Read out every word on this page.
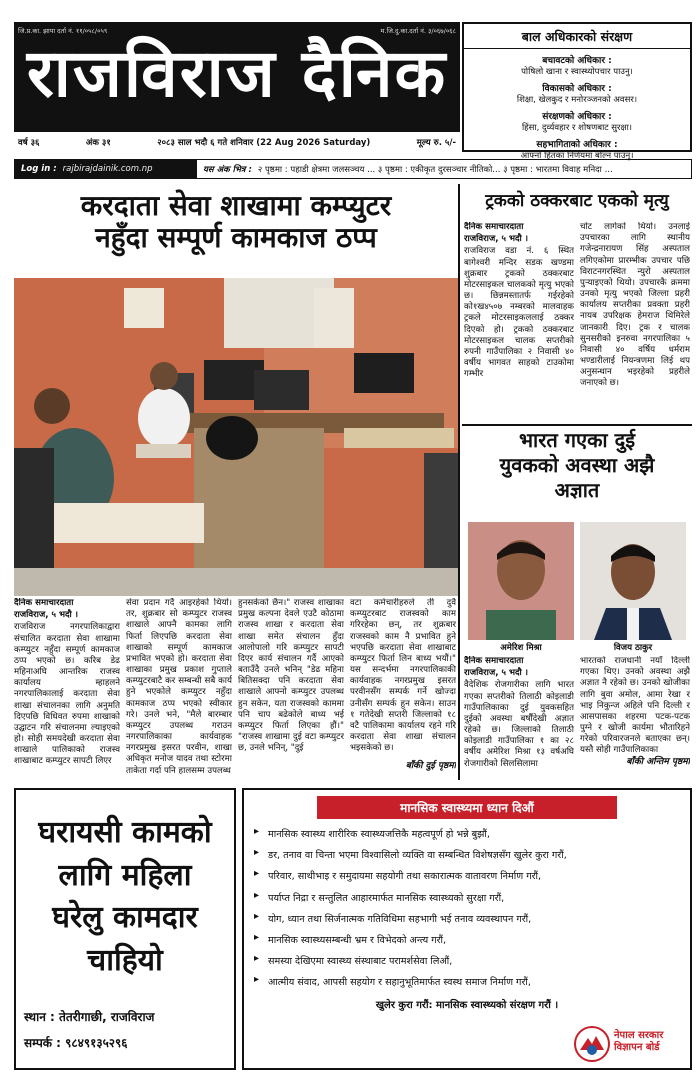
जि.प्र.का. झापा दर्ता नं. ११/०५८/०५९	म.जि.दु.का.दर्ता नं. ३/०६७/०६८
राजविराज दैनिक
वर्ष ३६	अंक ३१	२०८३ साल भदौ ६ गते शनिवार (22 Aug 2026 Saturday)	मूल्य रु. ५/-
बाल अधिकारको संरक्षण
बचावटको अधिकार :
पोषिलो खाना र स्वास्थ्योपचार पाउनु।
विकासको अधिकार :
शिक्षा, खेलकुद र मनोरञ्जनको अवसर।
संरक्षणको अधिकार :
हिंसा, दुर्व्यवहार र शोषणबाट सुरक्षा।
सहभागिताको अधिकार :
आफ्नो हितका निर्णयमा बोल्न पाउनु।
Log in : rajbirajdainik.com.np	यस अंक भित्र : २ पृष्ठमा : पहाडी क्षेत्रमा जलसञ्चय ... ३ पृष्ठमा : एकीकृत दुरसञ्चार नीतिको... ३ पृष्ठमा : भारतमा विवाह मनिदा ...
करदाता सेवा शाखामा कम्प्युटर
नहुँदा सम्पूर्ण कामकाज ठप्प

दैनिक समाचारदाता

राजविराज, ५ भदौ ।

राजविराज नगरपालिकाद्वारा संचालित करदाता सेवा शाखामा कम्प्युटर नहुँदा सम्पूर्ण कामकाज ठप्प भएको छ। करिब डेढ महिनाअघि आन्तरिक राजस्व कार्यालय म्हाहलने नगरपालिकालाई करदाता सेवा शाखा संचालनका लागि अनुमति दिएपछि विधिवत रुपमा शाखाको उद्घाटन गरि संचालनमा ल्याइएको हो। सोही समयदेखी करदाता सेवा शाखाले पालिकाको राजस्व शाखाबाट कम्प्युटर सापटी लिएर

सेवा प्रदान गर्दै आइरहेको थियो। तर, शुक्रबार सो कम्प्युटर राजस्व शाखाले आफ्नै कामका लागि फिर्ता लिएपछि करदाता सेवा शाखाको सम्पूर्ण कामकाज प्रभावित भएको हो। करदाता सेवा शाखाका प्रमुख प्रकाश गुप्ताले कम्प्युटरबाटै कर सम्बन्धी सबै कार्य हुने भएकोले कम्प्युटर नहुँदा कामकाज ठप्प भएको स्वीकार गरे। उनले भने, "मैले बारम्बार कम्प्युटर उपलब्ध गराउन नगरपालिकाका कार्यवाहक नगरप्रमुख इसरत परवीन, शाखा अधिकृत मनोज यादव तथा स्टोरमा ताकेता गर्दा पनि हालसम्म उपलब्ध

हुनसकेको छैन।" राजस्व शाखाका प्रमुख कल्पना देवले एउटै कोठामा राजस्व शाखा र करदाता सेवा शाखा समेत संचालन हुँदा आलोपालो गरि कम्प्युटर सापटी दिएर कार्य संचालन गर्दै आएको बताउँदै उनले भनिन् "डेढ महिना बितिसक्दा पनि करदाता सेवा शाखाले आफ्नो कम्प्युटर उपलब्ध हुन सकेन, यता राजस्वको काममा पनि चाप बढेकोले बाध्य भई कम्प्युटर फिर्ता लिएका हौं।" "राजस्व शाखामा दुई वटा कम्प्युटर छ, उनले भनिन्, "दुई

वटा कर्मचारीहरुले ती दुवै कम्प्युटरबाट राजस्वको काम गरिरहेका छन्, तर शुक्रबार राजस्वको काम नै प्रभावित हुने भएपछि करदाता सेवा शाखाबाट कम्प्युटर फिर्ता लिन बाध्य भयौं।" यस सन्दर्भमा नगरपालिकाकी कार्यवाहक नगरप्रमुख इसरत परवीनसँग सम्पर्क गर्ने खोज्दा उनीसँग सम्पर्क हुन सकेन। साउन १ गतेदेखी सप्तरी जिल्लाको १८ वटै पालिकामा कार्यालय रहने गरि करदाता सेवा शाखा संचालन भइसकेको छ।

बाँकी दुई पृष्ठमा

ट्रकको ठक्करबाट एकको मृत्यु

दैनिक समाचारदाता

राजविराज, ५ भदौ ।

राजविराज वडा नं. ६ स्थित बागेश्वरी मन्दिर सडक खण्डमा शुक्रबार ट्रकको ठक्करबाट मोटरसाइकल चालकको मृत्यु भएको छ। छिन्नमस्तातर्फ गईरहेको को१ख४५०७ नम्बरको मालवाहक ट्रकले मोटरसाइकललाई ठक्कर दिएको हो। ट्रकको ठक्करबाट मोटरसाइकल चालक सप्तरीको रुपनी गाउँपालिका २ निवासी ४० वर्षीय भागवत साहको टाउकोमा गम्भीर

चोट लागेको थियो। उनलाई उपचारका लागि स्थानीय गजेन्द्रनारायण सिंह अस्पताल लगिएकोमा प्रारम्भीक उपचार पछि विराटनगरस्थित न्युरो अस्पताल पुऱ्याइएको थियो। उपचारकै क्रममा उनको मृत्यु भएको जिल्ला प्रहरी कार्यालय सप्तरीका प्रवक्ता प्रहरी नायब उपरिक्षक हेमराज थिमिरेले जानकारी दिए। ट्रक र चालक सुनसरीको इनरुवा नगरपालिका ५ निवासी ४० वर्षिय धर्मराम भण्डारीलाई नियन्त्रणमा लिई थप अनुसन्धान भइरहेको प्रहरीले जनाएको छ।

भारत गएका दुई
युवकको अवस्था अझै
अज्ञात
अमेरिश मिश्रा	विजय ठाकुर

दैनिक समाचारदाता

राजविराज, ५ भदौ ।

वैदेशिक रोजगारीका लागि भारत गएका सप्तरीको तिलाठी कोइलाडी गाउँपालिकाका दुई युवकसहित दुईको अवस्था बर्षौंदेखी अज्ञात रहेको छ। जिल्लाको तिलाठी कोइलाडी गाउँपालिका १ का २८ वर्षीय अमेरिश मिश्रा १३ वर्षअघि रोजगारीको सिलसिलामा

भारतको राजधानी नयाँ दिल्ली गएका थिए। उनको अवस्था अझै अज्ञात नै रहेको छ। उनको खोजीका लागि बुवा अमोल, आमा रेखा र भाइ निकुन्ज अहिले पनि दिल्ली र आसपासका शहरमा पटक-पटक पुग्ने र खोजी कार्यमा भौतारिहने गरेको परिवारजनले बताएका छन्। यस्तै सोही गाउँपालिकाका

बाँकी अन्तिम पृष्ठमा

घरायसी कामको
लागि महिला
घरेलु कामदार
चाहियो
स्थान : तेतरीगाछी, राजविराज
सम्पर्क : ९८४९१३५२९६
मानसिक स्वास्थ्यमा ध्यान दिऔं
▸ मानसिक स्वास्थ्य शारीरिक स्वास्थ्यजत्तिकै महत्वपूर्ण हो भन्ने बुझौं,
▸ डर, तनाव वा चिन्ता भएमा विश्वासिलो व्यक्ति वा सम्बन्धित विशेषज्ञसँग खुलेर कुरा गरौं,
▸ परिवार, साथीभाइ र समुदायमा सहयोगी तथा सकारात्मक वातावरण निर्माण गरौं,
▸ पर्याप्त निद्रा र सन्तुलित आहारमार्फत मानसिक स्वास्थ्यको सुरक्षा गरौं,
▸ योग, ध्यान तथा सिर्जनात्मक गतिविधिमा सहभागी भई तनाव व्यवस्थापन गरौं,
▸ मानसिक स्वास्थ्यसम्बन्धी भ्रम र विभेदको अन्त्य गरौं,
▸ समस्या देखिएमा स्वास्थ्य संस्थाबाट परामर्शसेवा लिऔं,
▸ आत्मीय संवाद, आपसी सहयोग र सहानुभूतिमार्फत स्वस्थ समाज निर्माण गरौं,
खुलेर कुरा गरौं: मानसिक स्वास्थ्यको संरक्षण गरौं ।
नेपाल सरकार
विज्ञापन बोर्ड
